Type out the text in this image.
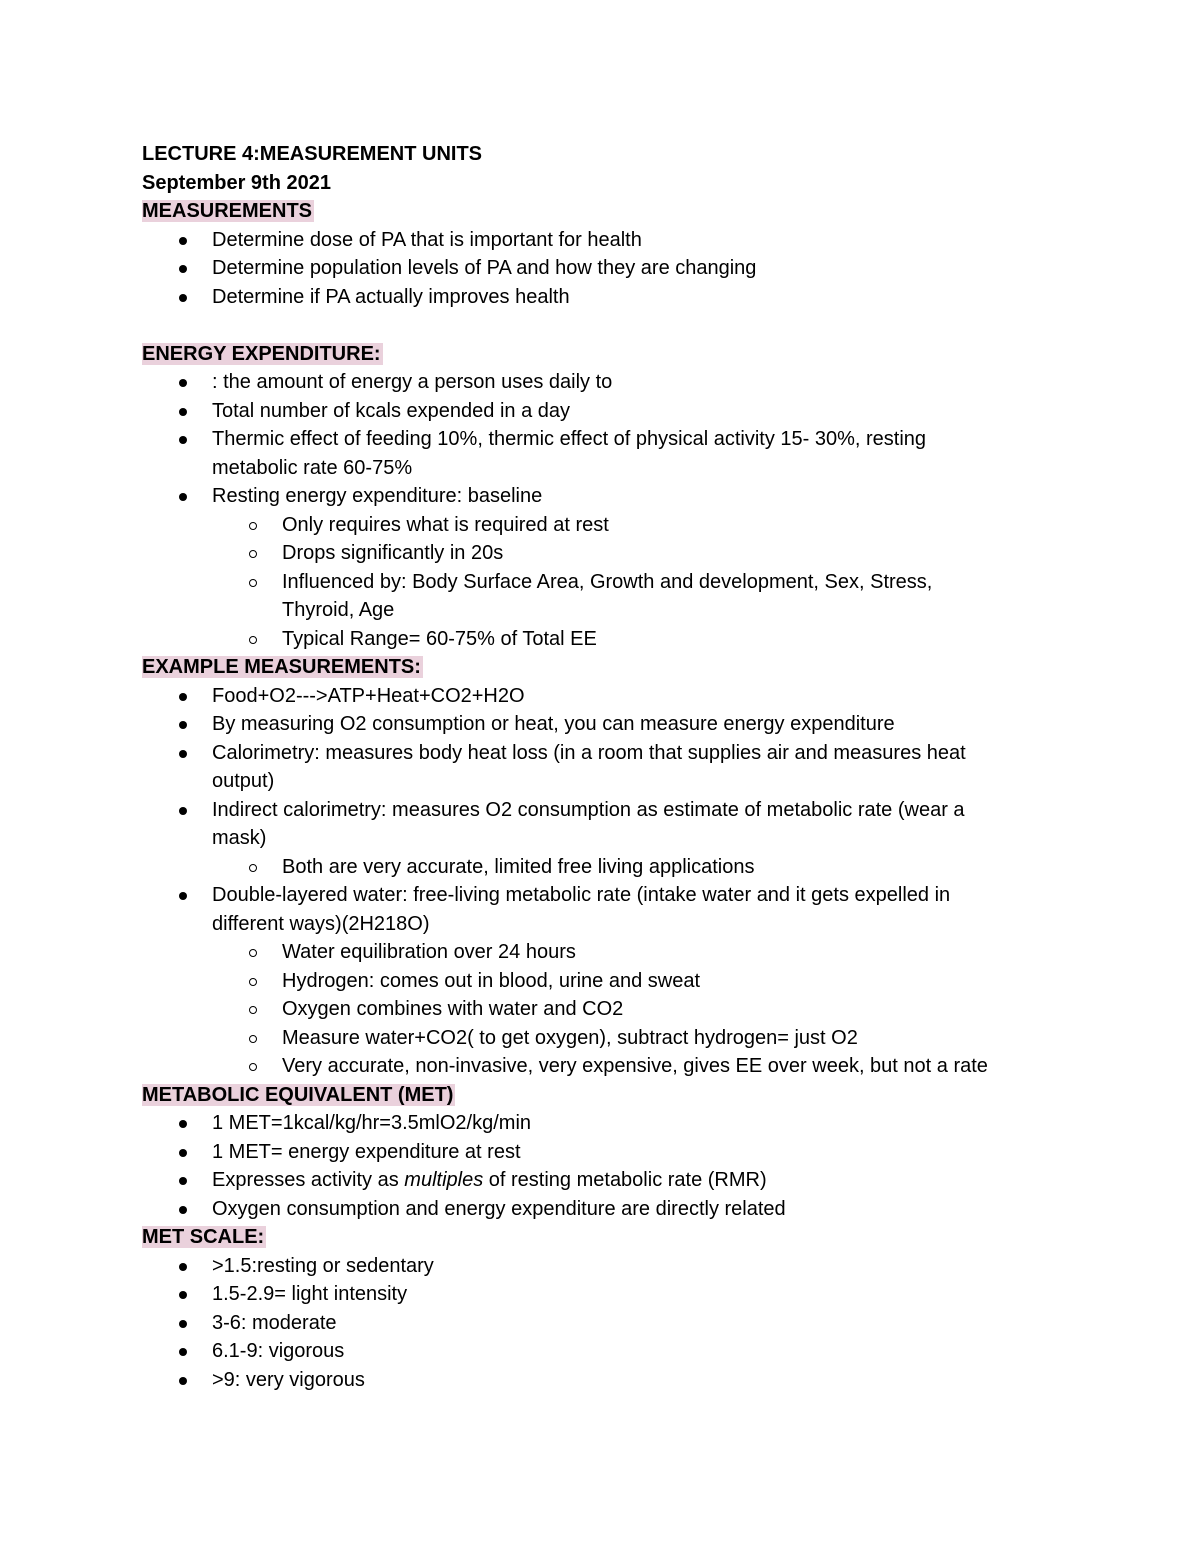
LECTURE 4:MEASUREMENT UNITS
September 9th 2021
MEASUREMENTS
Determine dose of PA that is important for health
Determine population levels of PA and how they are changing
Determine if PA actually improves health
ENERGY EXPENDITURE:
: the amount of energy a person uses daily to
Total number of kcals expended in a day
Thermic effect of feeding 10%, thermic effect of physical activity 15- 30%, resting
metabolic rate 60-75%
Resting energy expenditure: baseline
Only requires what is required at rest
Drops significantly in 20s
Influenced by: Body Surface Area, Growth and development, Sex, Stress,
Thyroid, Age
Typical Range= 60-75% of Total EE
EXAMPLE MEASUREMENTS:
Food+O2--->ATP+Heat+CO2+H2O
By measuring O2 consumption or heat, you can measure energy expenditure
Calorimetry: measures body heat loss (in a room that supplies air and measures heat
output)
Indirect calorimetry: measures O2 consumption as estimate of metabolic rate (wear a
mask)
Both are very accurate, limited free living applications
Double-layered water: free-living metabolic rate (intake water and it gets expelled in
different ways)(2H218O)
Water equilibration over 24 hours
Hydrogen: comes out in blood, urine and sweat
Oxygen combines with water and CO2
Measure water+CO2( to get oxygen), subtract hydrogen= just O2
Very accurate, non-invasive, very expensive, gives EE over week, but not a rate
METABOLIC EQUIVALENT (MET)
1 MET=1kcal/kg/hr=3.5mlO2/kg/min
1 MET= energy expenditure at rest
Expresses activity as multiples of resting metabolic rate (RMR)
Oxygen consumption and energy expenditure are directly related
MET SCALE:
>1.5:resting or sedentary
1.5-2.9= light intensity
3-6: moderate
6.1-9: vigorous
>9: very vigorous
